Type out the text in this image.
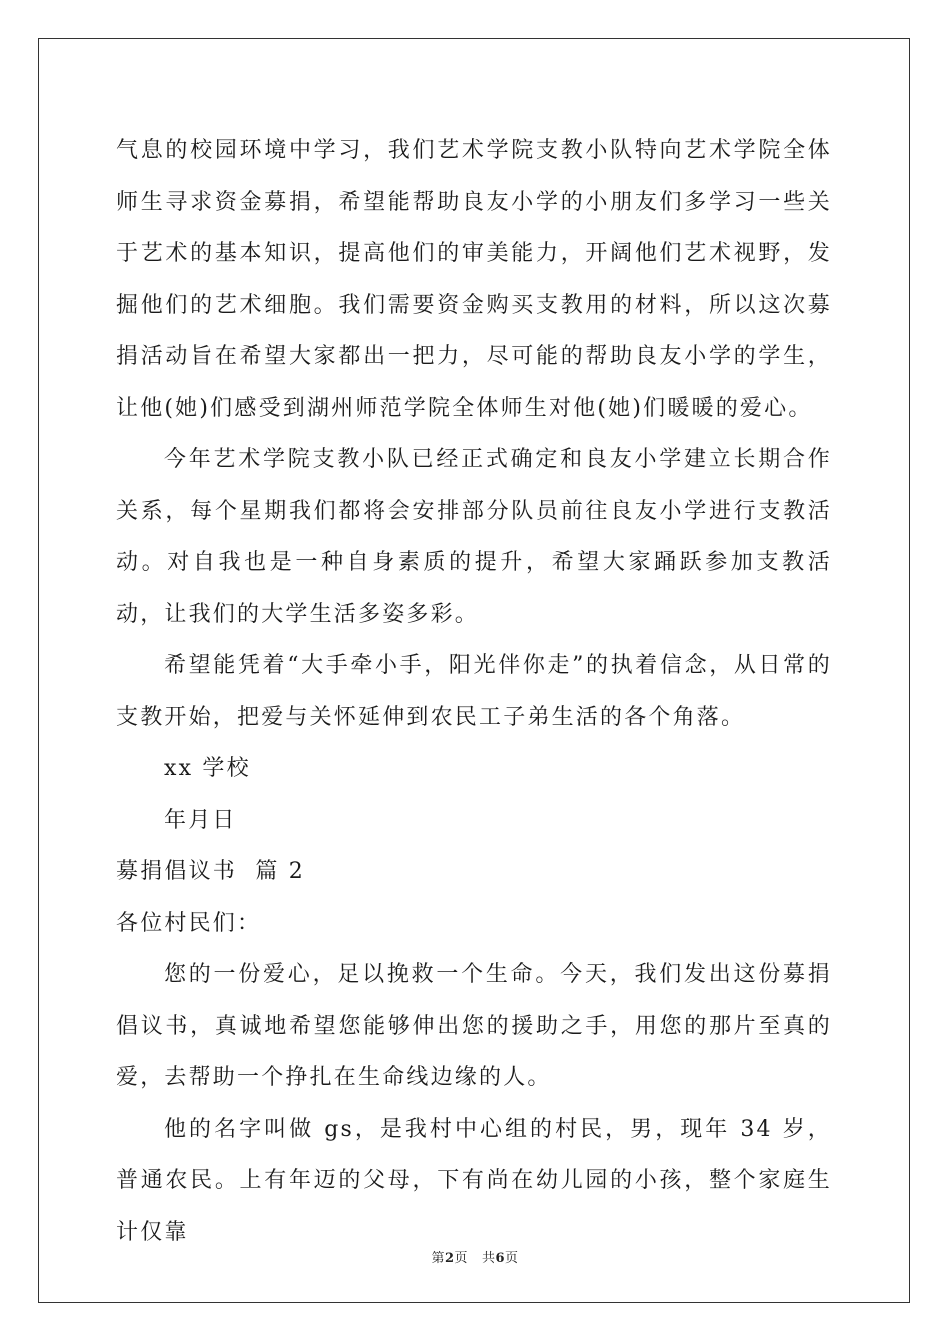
气息的校园环境中学习，我们艺术学院支教小队特向艺术学院全体师生寻求资金募捐，希望能帮助良友小学的小朋友们多学习一些关于艺术的基本知识，提高他们的审美能力，开阔他们艺术视野，发掘他们的艺术细胞。我们需要资金购买支教用的材料，所以这次募捐活动旨在希望大家都出一把力，尽可能的帮助良友小学的学生，让他(她)们感受到湖州师范学院全体师生对他(她)们暖暖的爱心。

今年艺术学院支教小队已经正式确定和良友小学建立长期合作关系，每个星期我们都将会安排部分队员前往良友小学进行支教活动。对自我也是一种自身素质的提升，希望大家踊跃参加支教活动，让我们的大学生活多姿多彩。

希望能凭着“大手牵小手，阳光伴你走”的执着信念，从日常的支教开始，把爱与关怀延伸到农民工子弟生活的各个角落。

xx 学校

年月日

募捐倡议书  篇 2

各位村民们：

您的一份爱心，足以挽救一个生命。今天，我们发出这份募捐倡议书，真诚地希望您能够伸出您的援助之手，用您的那片至真的爱，去帮助一个挣扎在生命线边缘的人。

他的名字叫做 gs，是我村中心组的村民，男，现年 34 岁，普通农民。上有年迈的父母，下有尚在幼儿园的小孩，整个家庭生计仅靠

第2页   共6页
